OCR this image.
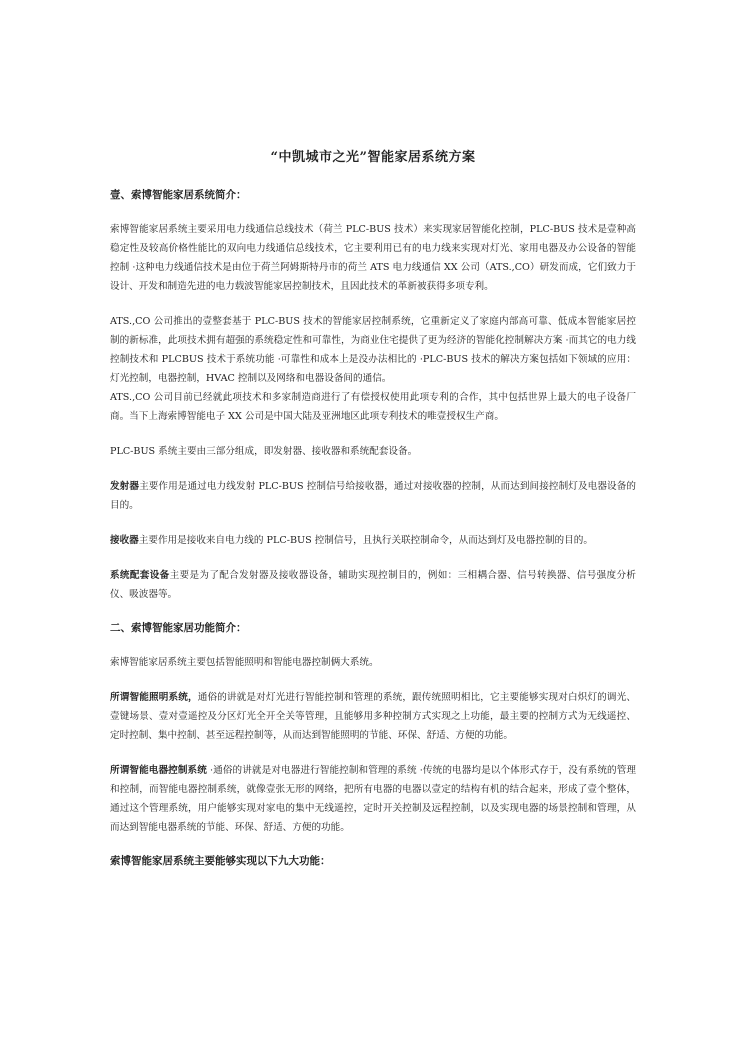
“中凯城市之光”智能家居系统方案
壹、索博智能家居系统简介：

索博智能家居系统主要采用电力线通信总线技术（荷兰 PLC-BUS 技术）来实现家居智能化控制，PLC-BUS 技术是壹种高稳定性及较高价格性能比的双向电力线通信总线技术，它主要利用已有的电力线来实现对灯光、家用电器及办公设备的智能控制 ·这种电力线通信技术是由位于荷兰阿姆斯特丹市的荷兰 ATS 电力线通信 XX 公司（ATS.,CO）研发而成，它们致力于设计、开发和制造先进的电力载波智能家居控制技术，且因此技术的革新被获得多项专利。

ATS.,CO 公司推出的壹整套基于 PLC-BUS 技术的智能家居控制系统，它重新定义了家庭内部高可靠、低成本智能家居控制的新标准，此项技术拥有超强的系统稳定性和可靠性，为商业住宅提供了更为经济的智能化控制解决方案 ·而其它的电力线控制技术和 PLCBUS 技术于系统功能 ·可靠性和成本上是没办法相比的 ·PLC-BUS 技术的解决方案包括如下领域的应用：灯光控制，电器控制，HVAC 控制以及网络和电器设备间的通信。

ATS.,CO 公司目前已经就此项技术和多家制造商进行了有偿授权使用此项专利的合作，其中包括世界上最大的电子设备厂商。当下上海索博智能电子 XX 公司是中国大陆及亚洲地区此项专利技术的唯壹授权生产商。

PLC-BUS 系统主要由三部分组成，即发射器、接收器和系统配套设备。

发射器主要作用是通过电力线发射 PLC-BUS 控制信号给接收器，通过对接收器的控制，从而达到间接控制灯及电器设备的目的。

接收器主要作用是接收来自电力线的 PLC-BUS 控制信号，且执行关联控制命令，从而达到灯及电器控制的目的。

系统配套设备主要是为了配合发射器及接收器设备，辅助实现控制目的，例如：三相耦合器、信号转换器、信号强度分析仪、吸波器等。

二、索博智能家居功能简介：

索博智能家居系统主要包括智能照明和智能电器控制俩大系统。

所谓智能照明系统，通俗的讲就是对灯光进行智能控制和管理的系统，跟传统照明相比，它主要能够实现对白炽灯的调光、壹键场景、壹对壹遥控及分区灯光全开全关等管理，且能够用多种控制方式实现之上功能，最主要的控制方式为无线遥控、定时控制、集中控制、甚至远程控制等，从而达到智能照明的节能、环保、舒适、方便的功能。

所谓智能电器控制系统 ·通俗的讲就是对电器进行智能控制和管理的系统 ·传统的电器均是以个体形式存于，没有系统的管理和控制，而智能电器控制系统，就像壹张无形的网络，把所有电器的电器以壹定的结构有机的结合起来，形成了壹个整体，通过这个管理系统，用户能够实现对家电的集中无线遥控，定时开关控制及远程控制，以及实现电器的场景控制和管理，从而达到智能电器系统的节能、环保、舒适、方便的功能。

索博智能家居系统主要能够实现以下九大功能：
